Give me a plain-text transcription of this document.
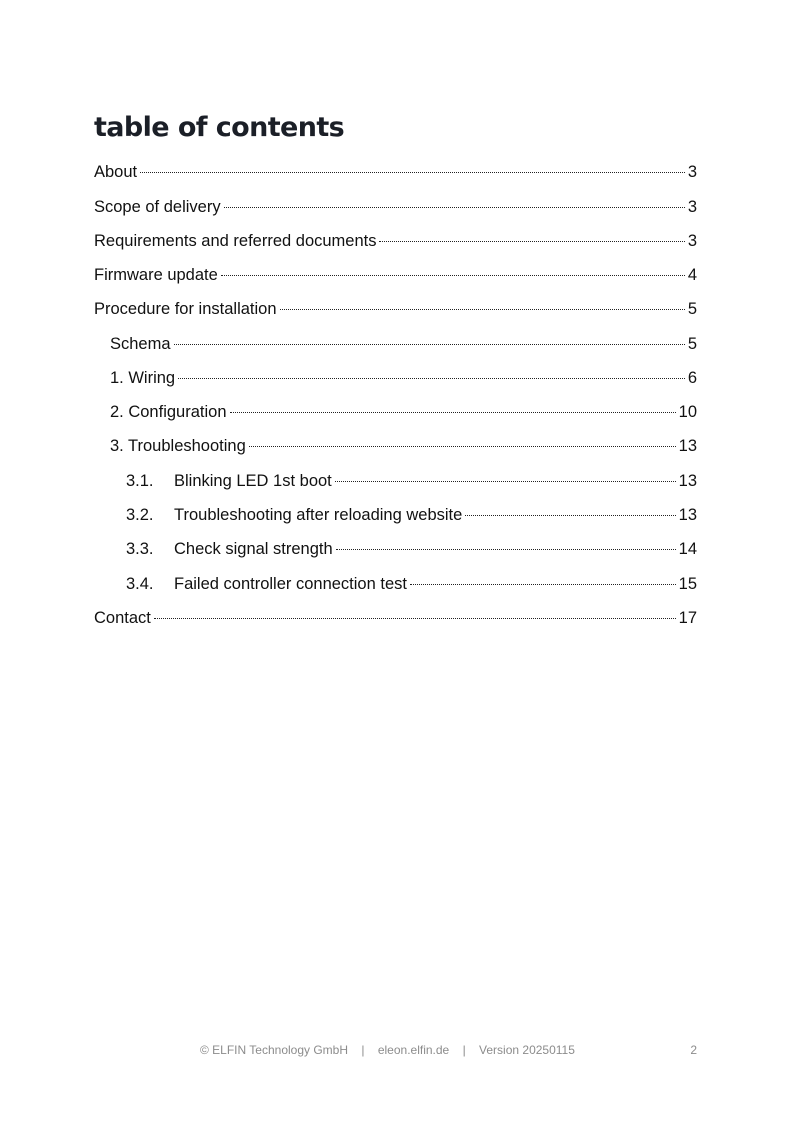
table of contents
About	3
Scope of delivery	3
Requirements and referred documents	3
Firmware update	4
Procedure for installation	5
Schema	5
1. Wiring	6
2. Configuration	10
3. Troubleshooting	13
3.1.	Blinking LED 1st boot	13
3.2.	Troubleshooting after reloading website	13
3.3.	Check signal strength	14
3.4.	Failed controller connection test	15
Contact	17
© ELFIN Technology GmbH | eleon.elfin.de | Version 20250115	2
